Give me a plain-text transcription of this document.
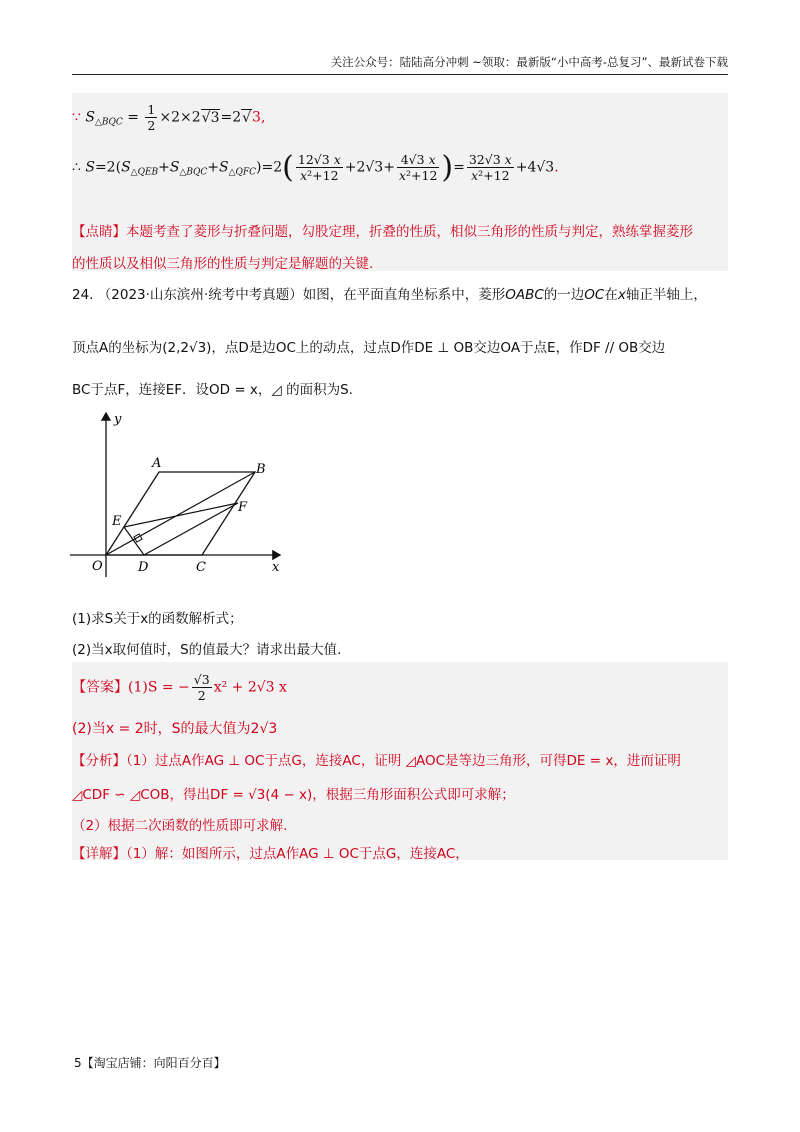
关注公众号：陆陆高分冲刺 ~领取：最新版“小中高考-总复习”、最新试卷下载
∵ $S_{\triangle BQC} = \frac{1}{2} \times 2\times 2√3=2√3$,
∴ $S=2(S_{\triangle QEB}+S_{\triangle BQC}+S_{\triangle QFC})=2( \frac{12√3 x}{\text{x²+12}} +2√3+ \frac{4√3 x}{\text{x²+12}}$ )= $\frac{32√3 x}{\text{x²+12}} +4√3$.
【点睛】本题考查了菱形与折叠问题，勾股定理，折叠的性质，相似三角形的性质与判定，熟练掌握菱形
的性质以及相似三角形的性质与判定是解题的关键.
24. （2023·山东滨州·统考中考真题）如图，在平面直角坐标系中，菱形OABC的一边OC在x轴正半轴上，
顶点A的坐标为(2,2√3)，点D是边OC上的动点，过点D作DE ⊥ OB交边OA于点E，作DF // OB交边
BC于点F，连接EF．设OD = x，◿ 的面积为S.
y
x
O
A	B
C
D
E
F
(1)求S关于x的函数解析式；
(2)当x取何值时，S的值最大？请求出最大值.
【答案】(1)S = − $\frac{√3}{2} x^2 + 2√3$ x
(2)当x = 2时，S的最大值为2√3
【分析】（1）过点A作AG ⊥ OC于点G，连接AC，证明 ◿AOC是等边三角形，可得DE = x，进而证明
◿CDF ∽ ◿COB，得出DF = √3(4 − x)，根据三角形面积公式即可求解；
（2）根据二次函数的性质即可求解.
【详解】（1）解：如图所示，过点A作AG ⊥ OC于点G，连接AC，
5【淘宝店铺：向阳百分百】
